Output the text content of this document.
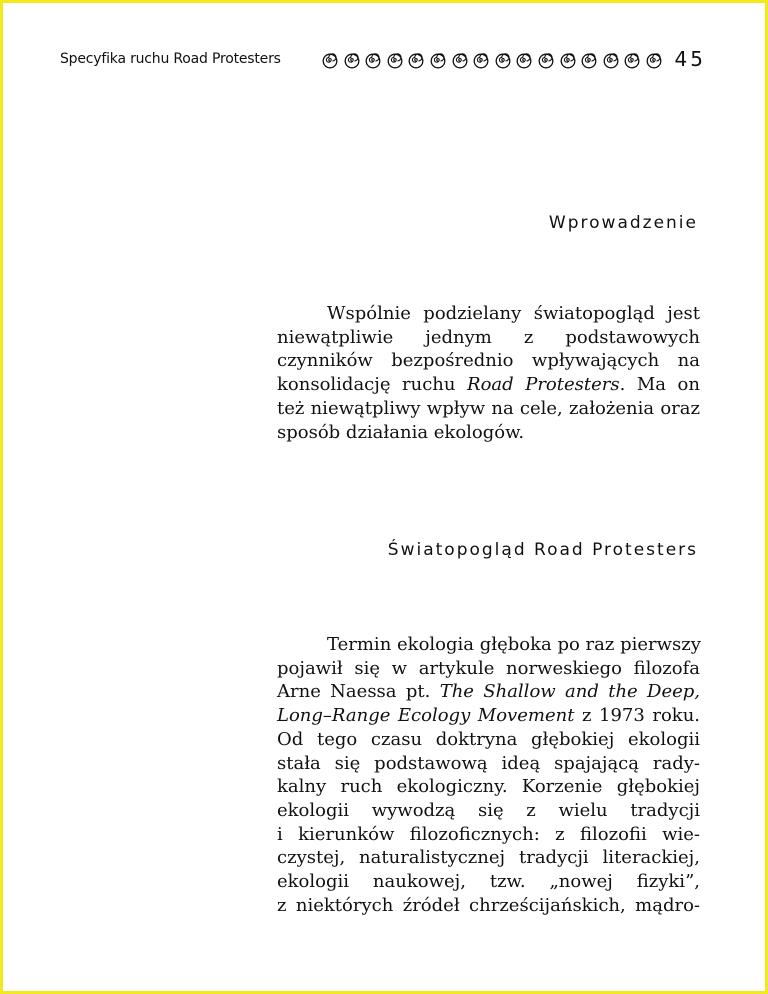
Specyfika ruchu Road Protesters	45
Wprowadzenie

Wspólnie podzielany światopogląd jest
niewątpliwie jednym z podstawowych
czynników bezpośrednio wpływających na
konsolidację ruchu Road Protesters. Ma on
też niewątpliwy wpływ na cele, założenia oraz
sposób działania ekologów.

Światopogląd Road Protesters

Termin ekologia głęboka po raz pierwszy
pojawił się w artykule norweskiego filozofa
Arne Naessa pt. The Shallow and the Deep,
Long–Range Ecology Movement z 1973 roku.
Od tego czasu doktryna głębokiej ekologii
stała się podstawową ideą spajającą rady-
kalny ruch ekologiczny. Korzenie głębokiej
ekologii wywodzą się z wielu tradycji
i kierunków filozoficznych: z filozofii wie-
czystej, naturalistycznej tradycji literackiej,
ekologii naukowej, tzw. „nowej fizyki”,
z niektórych źródeł chrześcijańskich, mądro-
